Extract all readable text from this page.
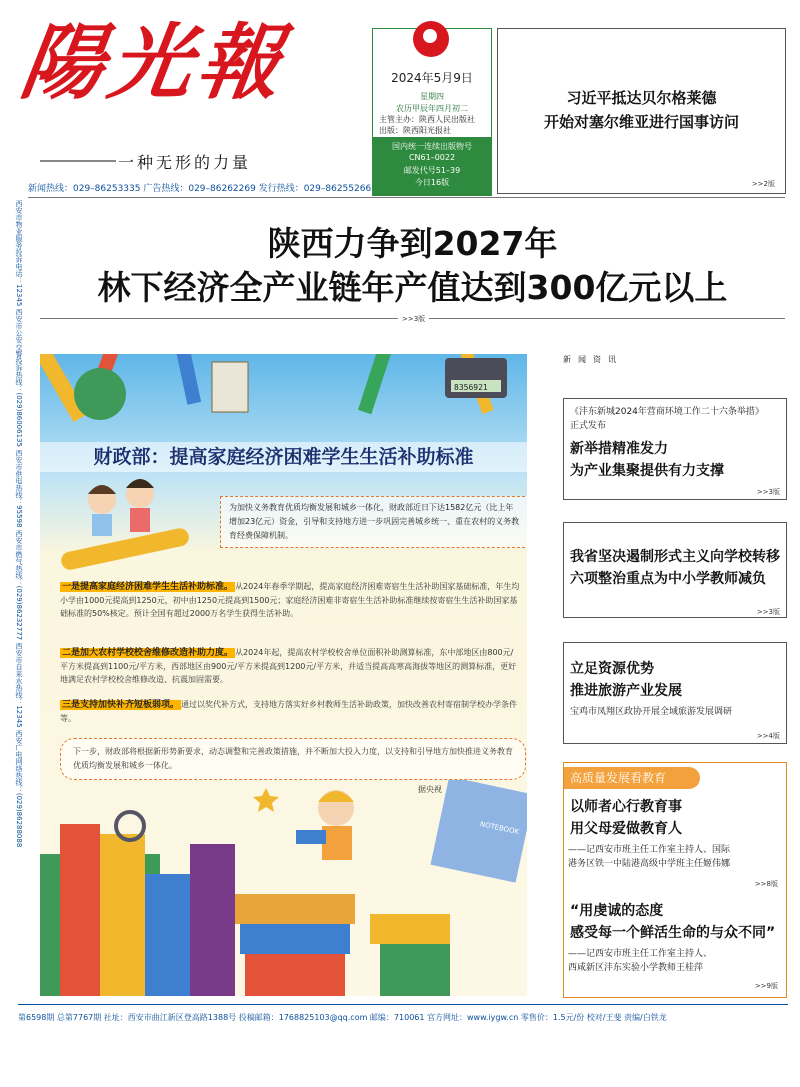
陽光報
一种无形的力量
新闻热线：029–86253335 广告热线：029–86262269 发行热线：029–86255266
2024年5月9日
星期四
农历甲辰年四月初二
主管主办：陕西人民出版社
出版：陕西阳光报社
国内统一连续出版物号
CN61–0022
邮发代号51–39
今日16版
习近平抵达贝尔格莱德
开始对塞尔维亚进行国事访问
>>2版
西安市物业服务投诉电话：12345 西安市公安交警投诉热线：(029)86006135 西安市供电热线：95598 西安市燃气热线：(029)86232777 西安市自来水热线：12345 西安广电网络热线：(029)86288088	陕西力争到2027年
林下经济全产业链年产值达到300亿元以上
>>3版
8356921
NOTEBOOK
财政部：提高家庭经济困难学生生活补助标准
为加快义务教育优质均衡发展和城乡一体化，财政部近日下达1582亿元（比上年增加23亿元）资金，引导和支持地方进一步巩固完善城乡统一、重在农村的义务教育经费保障机制。
一是提高家庭经济困难学生生活补助标准。 从2024年春季学期起，提高家庭经济困难寄宿生生活补助国家基础标准，年生均小学由1000元提高到1250元，初中由1250元提高到1500元；家庭经济困难非寄宿生生活补助标准继续按寄宿生生活补助国家基础标准的50%核定。预计全国有超过2000万名学生获得生活补助。
二是加大农村学校校舍维修改造补助力度。 从2024年起，提高农村学校校舍单位面积补助测算标准，东中部地区由800元/平方米提高到1100元/平方米，西部地区由900元/平方米提高到1200元/平方米，并适当提高高寒高海拔等地区的测算标准，更好地满足农村学校校舍维修改造、抗震加固需要。
三是支持加快补齐短板弱项。 通过以奖代补方式，支持地方落实好乡村教师生活补助政策，加快改善农村寄宿制学校办学条件等。
下一步，财政部将根据新形势新要求，动态调整和完善政策措施，并不断加大投入力度，以支持和引导地方加快推进义务教育优质均衡发展和城乡一体化。
据央视
新闻资讯
《沣东新城2024年营商环境工作二十六条举措》
正式发布
新举措精准发力
为产业集聚提供有力支撑
>>3版
我省坚决遏制形式主义向学校转移
六项整治重点为中小学教师减负
>>3版
立足资源优势
推进旅游产业发展
宝鸡市凤翔区政协开展全域旅游发展调研
>>4版
高质量发展看教育
以师者心行教育事
用父母爱做教育人
——记西安市班主任工作室主持人、国际
港务区铁一中陆港高级中学班主任姬伟娜
>>8版
“用虔诚的态度
感受每一个鲜活生命的与众不同”
——记西安市班主任工作室主持人、
西咸新区沣东实验小学教师王桂萍
>>9版
第6598期 总第7767期 社址：西安市曲江新区登高路1388号 投稿邮箱：1768825103@qq.com 邮编：710061 官方网址：www.iygw.cn 零售价：1.5元/份 校对/王斐 责编/白铁龙
